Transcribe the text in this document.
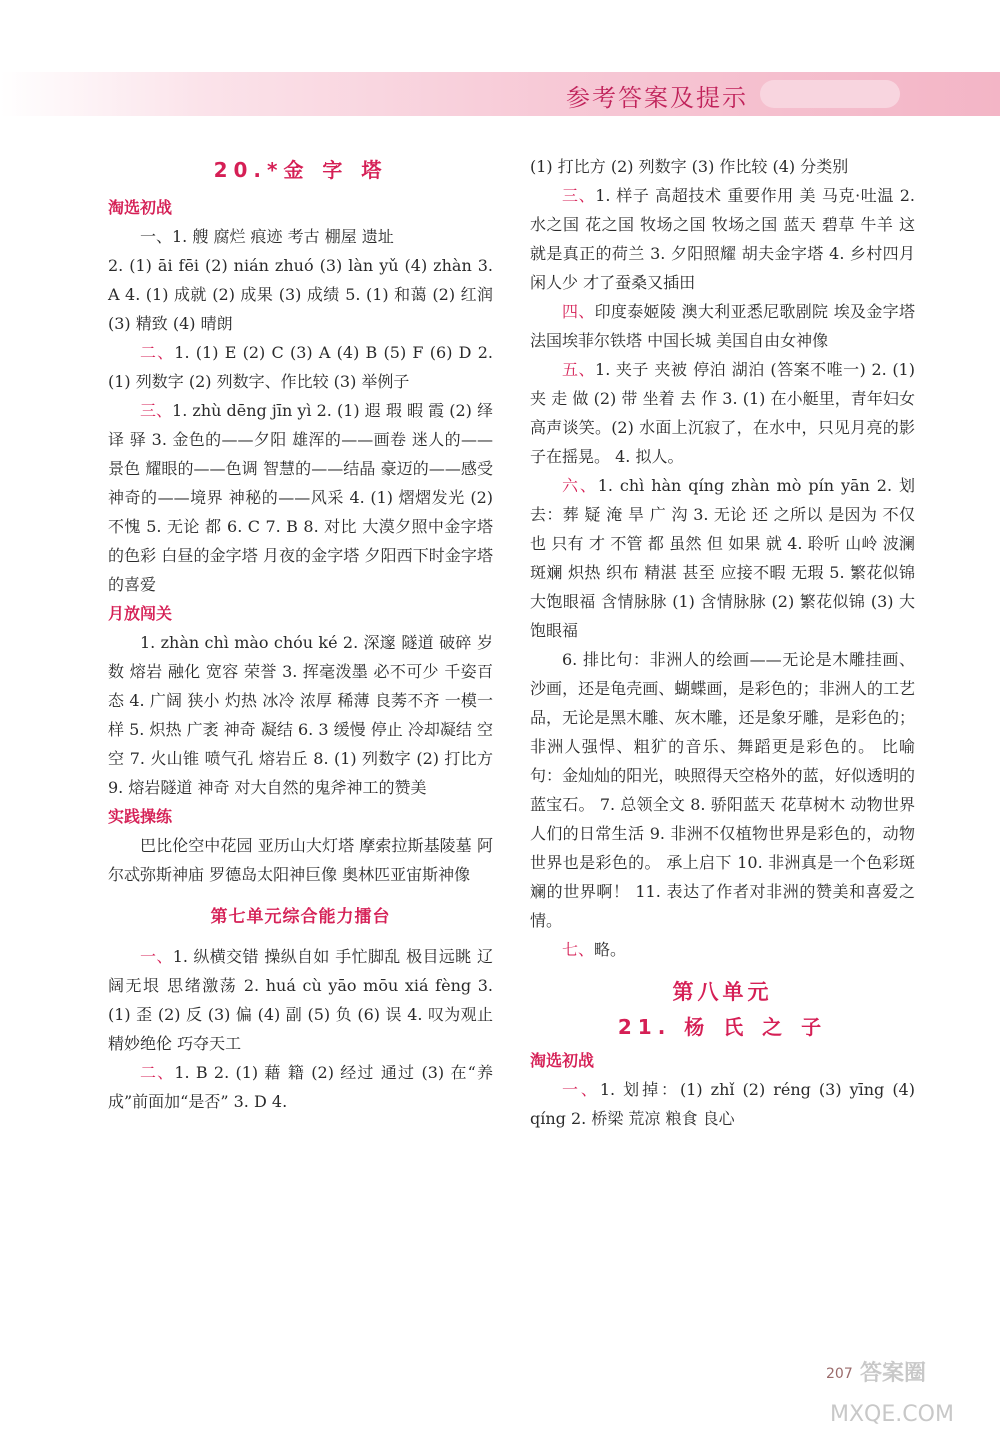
参考答案及提示

20.*金 字 塔

淘选初战

一、1. 艘 腐烂 痕迹 考古 棚屋 遗址

2. (1) āi fēi (2) nián zhuó (3) làn yǔ (4) zhàn 3. A 4. (1) 成就 (2) 成果 (3) 成绩 5. (1) 和蔼 (2) 红润 (3) 精致 (4) 晴朗

二、1. (1) E (2) C (3) A (4) B (5) F (6) D 2. (1) 列数字 (2) 列数字、作比较 (3) 举例子

三、1. zhù dēng jīn yì 2. (1) 遐 瑕 暇 霞 (2) 绎 译 驿 3. 金色的——夕阳 雄浑的——画卷 迷人的——景色 耀眼的——色调 智慧的——结晶 豪迈的——感受 神奇的——境界 神秘的——风采 4. (1) 熠熠发光 (2) 不愧 5. 无论 都 6. C 7. B 8. 对比 大漠夕照中金字塔的色彩 白昼的金字塔 月夜的金字塔 夕阳西下时金字塔的喜爱

月放闯关

1. zhàn chì mào chóu ké 2. 深邃 隧道 破碎 岁数 熔岩 融化 宽容 荣誉 3. 挥毫泼墨 必不可少 千姿百态 4. 广阔 狭小 灼热 冰冷 浓厚 稀薄 良莠不齐 一模一样 5. 炽热 广袤 神奇 凝结 6. 3 缓慢 停止 冷却凝结 空空 7. 火山锥 喷气孔 熔岩丘 8. (1) 列数字 (2) 打比方 9. 熔岩隧道 神奇 对大自然的鬼斧神工的赞美

实践操练

巴比伦空中花园 亚历山大灯塔 摩索拉斯基陵墓 阿尔忒弥斯神庙 罗德岛太阳神巨像 奥林匹亚宙斯神像

第七单元综合能力擂台

一、1. 纵横交错 操纵自如 手忙脚乱 极目远眺 辽阔无垠 思绪激荡 2. huá cù yāo mōu xiá fèng 3. (1) 歪 (2) 反 (3) 偏 (4) 副 (5) 负 (6) 误 4. 叹为观止 精妙绝伦 巧夺天工

二、1. B 2. (1) 藉 籍 (2) 经过 通过 (3) 在“养成”前面加“是否” 3. D 4.

(1) 打比方 (2) 列数字 (3) 作比较 (4) 分类别

三、1. 样子 高超技术 重要作用 美 马克·吐温 2. 水之国 花之国 牧场之国 牧场之国 蓝天 碧草 牛羊 这就是真正的荷兰 3. 夕阳照耀 胡夫金字塔 4. 乡村四月闲人少 才了蚕桑又插田

四、印度泰姬陵 澳大利亚悉尼歌剧院 埃及金字塔 法国埃菲尔铁塔 中国长城 美国自由女神像

五、1. 夹子 夹被 停泊 湖泊 (答案不唯一) 2. (1) 夹 走 做 (2) 带 坐着 去 作 3. (1) 在小艇里，青年妇女高声谈笑。(2) 水面上沉寂了，在水中，只见月亮的影子在摇晃。 4. 拟人。

六、1. chì hàn qíng zhàn mò pín yān 2. 划去：葬 疑 淹 旱 广 沟 3. 无论 还 之所以 是因为 不仅 也 只有 才 不管 都 虽然 但 如果 就 4. 聆听 山岭 波澜 斑斓 炽热 织布 精湛 甚至 应接不暇 无瑕 5. 繁花似锦 大饱眼福 含情脉脉 (1) 含情脉脉 (2) 繁花似锦 (3) 大饱眼福

6. 排比句：非洲人的绘画——无论是木雕挂画、沙画，还是龟壳画、蝴蝶画，是彩色的；非洲人的工艺品，无论是黑木雕、灰木雕，还是象牙雕，是彩色的；非洲人强悍、粗犷的音乐、舞蹈更是彩色的。 比喻句：金灿灿的阳光，映照得天空格外的蓝，好似透明的蓝宝石。 7. 总领全文 8. 骄阳蓝天 花草树木 动物世界 人们的日常生活 9. 非洲不仅植物世界是彩色的，动物世界也是彩色的。 承上启下 10. 非洲真是一个色彩斑斓的世界啊！ 11. 表达了作者对非洲的赞美和喜爱之情。

七、略。

第八单元

21. 杨 氏 之 子

淘选初战

一、1. 划掉：(1) zhǐ (2) réng (3) yīng (4) qíng 2. 桥梁 荒凉 粮食 良心

207 答案圈
MXQE.COM
